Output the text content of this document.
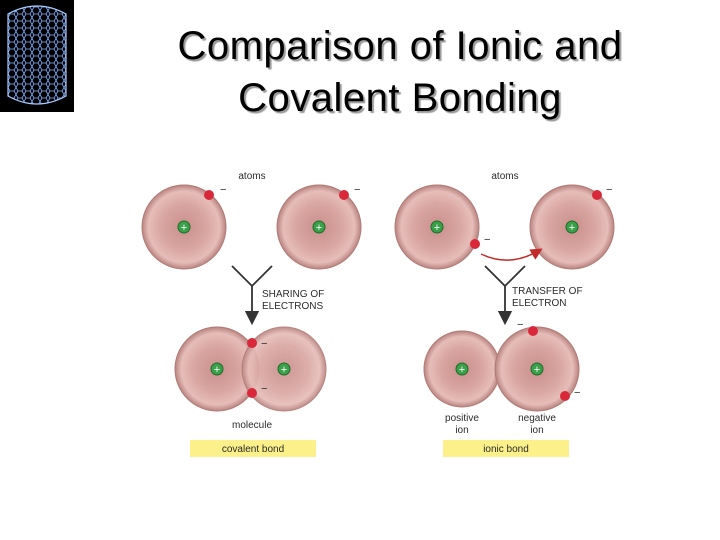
Comparison of Ionic and
Covalent Bonding
atoms
+	+
−	−
SHARING OF
ELECTRONS
+	+
−
−
molecule
covalent bond
atoms
+	+
−
−
TRANSFER OF
ELECTRON
+	+
−
−
positive
ion
negative
ion
ionic bond
